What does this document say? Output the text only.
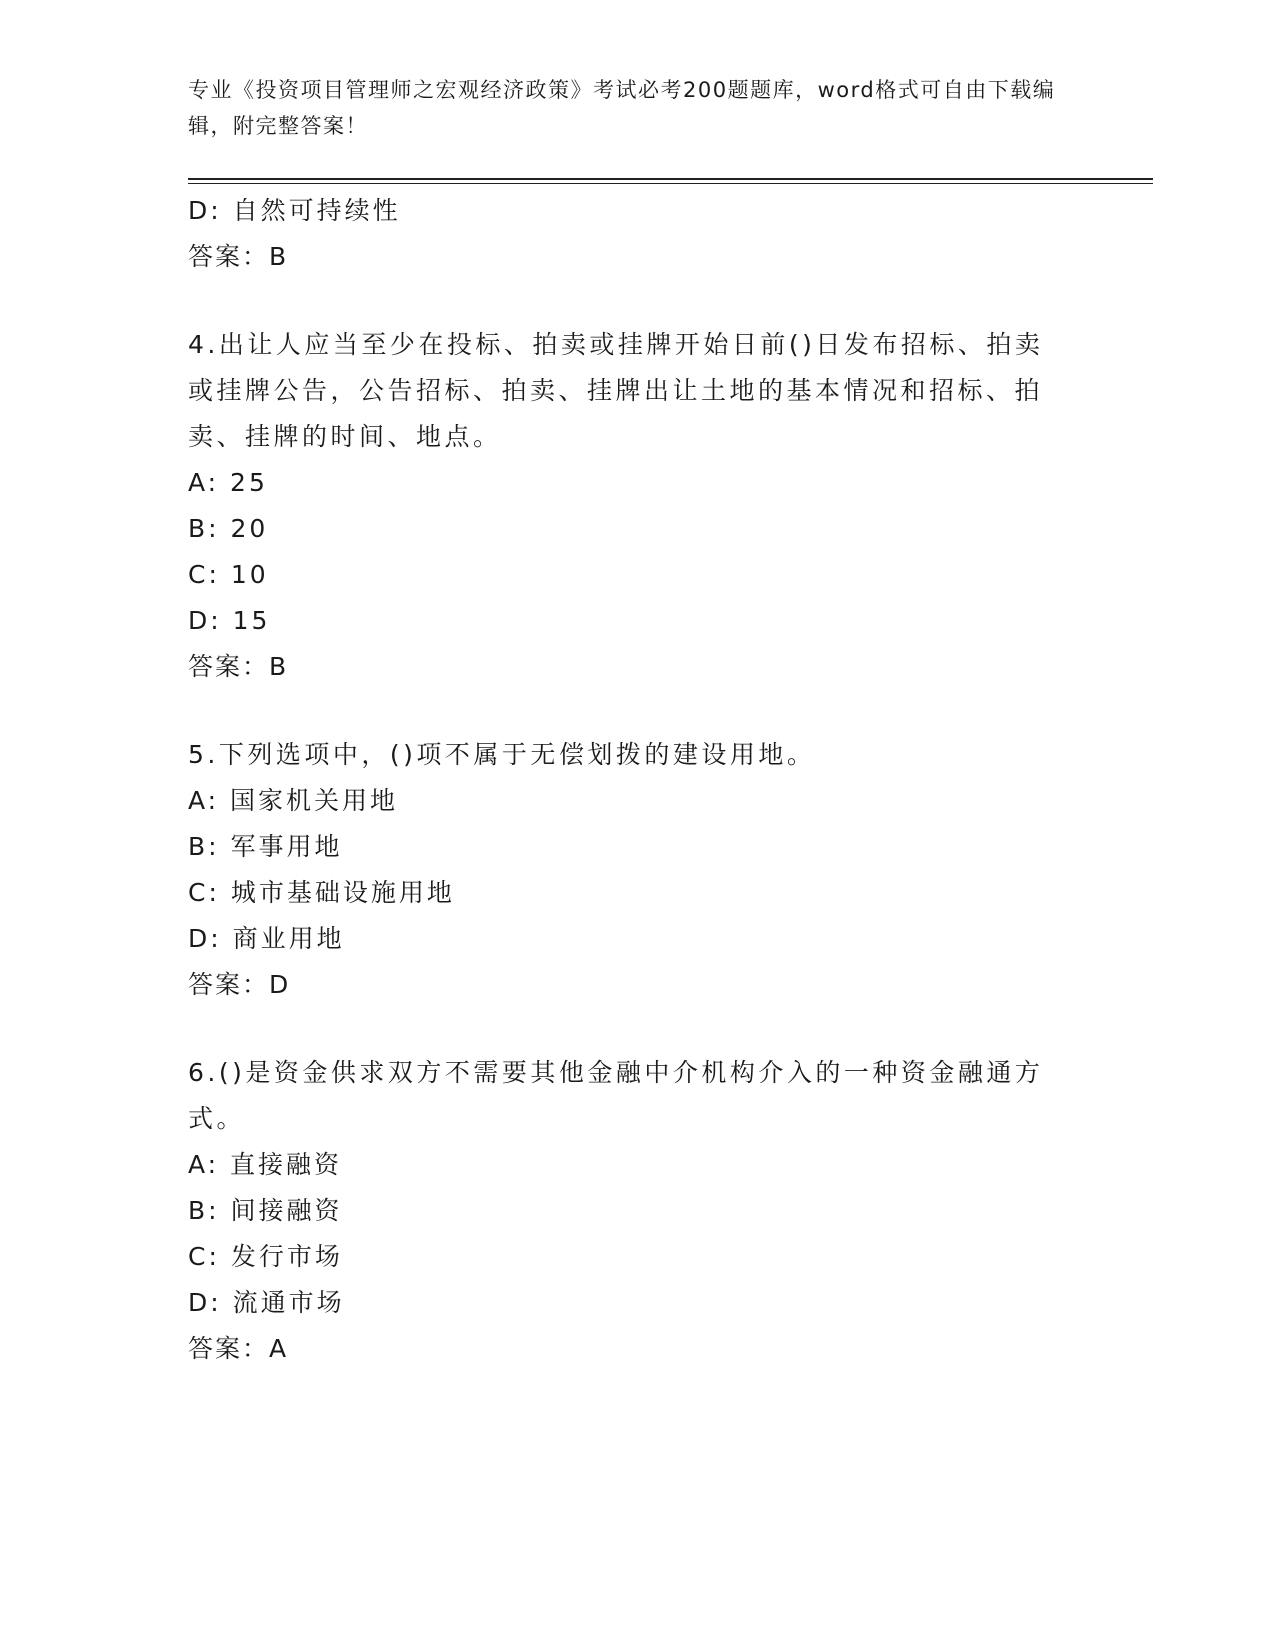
专业《投资项目管理师之宏观经济政策》考试必考200题题库，word格式可自由下载编辑，附完整答案！
D: 自然可持续性
答案：B
4.出让人应当至少在投标、拍卖或挂牌开始日前()日发布招标、拍卖或挂牌公告，公告招标、拍卖、挂牌出让土地的基本情况和招标、拍卖、挂牌的时间、地点。
A: 25
B: 20
C: 10
D: 15
答案：B
5.下列选项中，()项不属于无偿划拨的建设用地。
A: 国家机关用地
B: 军事用地
C: 城市基础设施用地
D: 商业用地
答案：D
6.()是资金供求双方不需要其他金融中介机构介入的一种资金融通方式。
A: 直接融资
B: 间接融资
C: 发行市场
D: 流通市场
答案：A
